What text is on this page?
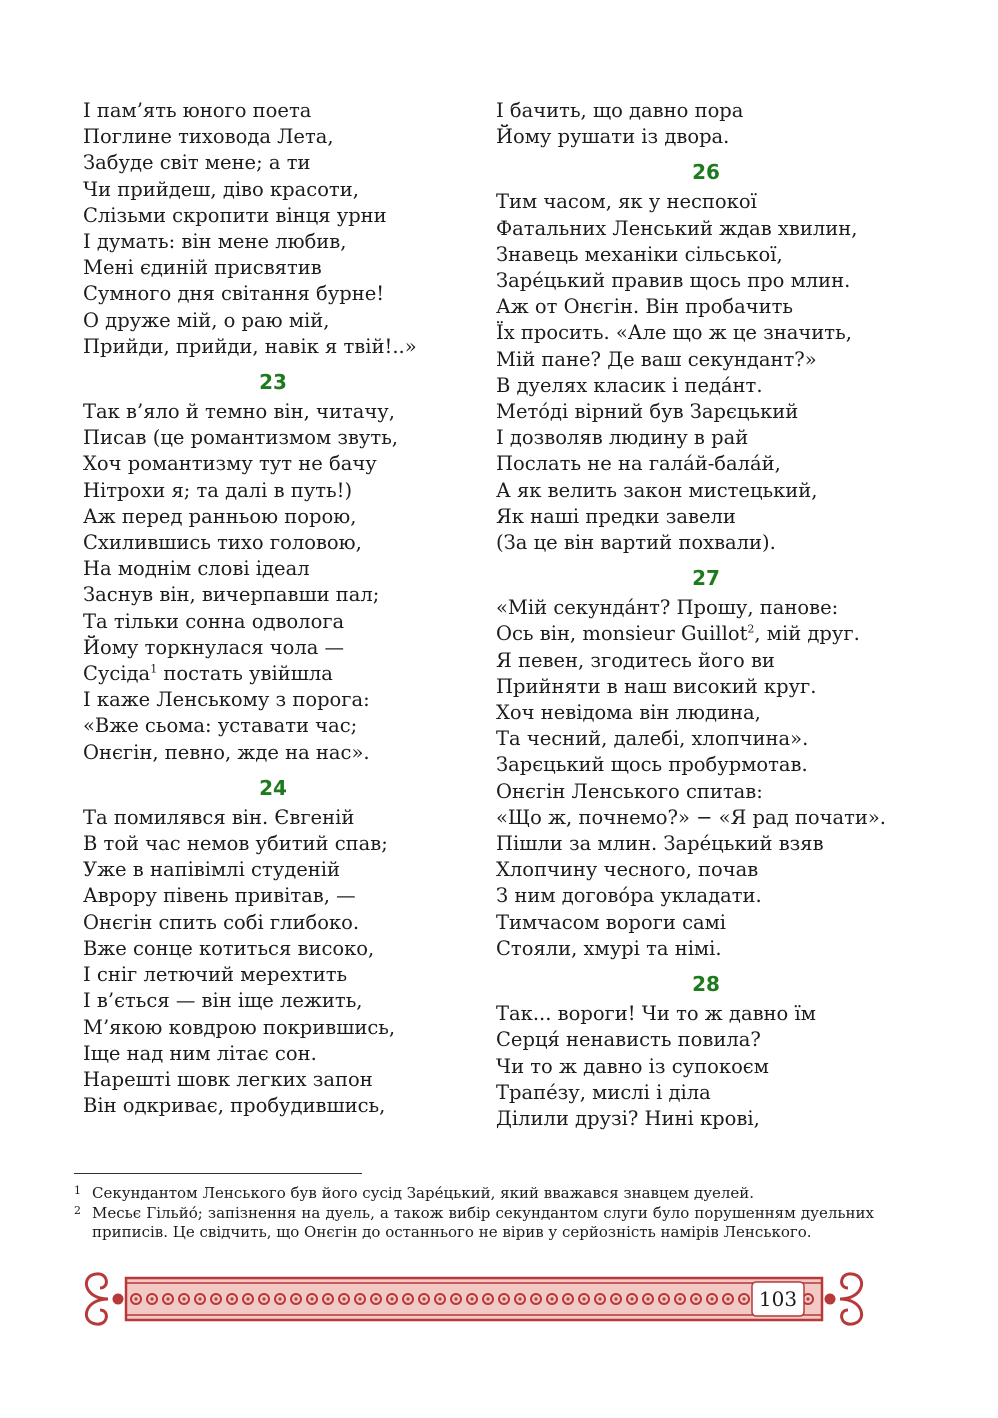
І пам’ять юного поета
Поглине тиховода Лета,
Забуде світ мене; а ти
Чи прийдеш, діво красоти,
Слізьми скропити вінця урни
І думать: він мене любив,
Мені єдиній присвятив
Сумного дня світання бурне!
О друже мій, о раю мій,
Прийди, прийди, навік я твій!..»
23
Так в’яло й темно він, читачу,
Писав (це романтизмом звуть,
Хоч романтизму тут не бачу
Нітрохи я; та далі в путь!)
Аж перед ранньою порою,
Схилившись тихо головою,
На моднім слові ідеал
Заснув він, вичерпавши пал;
Та тільки сонна одволога
Йому торкнулася чола —
Сусіда$^1$ постать увійшла
І каже Ленському з порога:
«Вже сьома: уставати час;
Онєгін, певно, жде на нас».
24
Та помилявся він. Євгеній
В той час немов убитий спав;
Уже в напівімлі студеній
Аврору півень привітав, —
Онєгін спить собі глибоко.
Вже сонце котиться високо,
І сніг летючий мерехтить
І в’ється — він іще лежить,
М’якою ковдрою покрившись,
Іще над ним літає сон.
Нарешті шовк легких запон
Він одкриває, пробудившись,
І бачить, що давно пора
Йому рушати із двора.
26
Тим часом, як у неспокої
Фатальних Ленський ждав хвилин,
Знавець механіки сільської,
Заре́цький правив щось про млин.
Аж от Онєгін. Він пробачить
Їх просить. «Але що ж це значить,
Мій пане? Де ваш секундант?»
В дуелях класик і педа́нт.
Мето́ді вірний був Зарєцький
І дозволяв людину в рай
Послать не на гала́й-бала́й,
А як велить закон мистецький,
Як наші предки завели
(За це він вартий похвали).
27
«Мій секунда́нт? Прошу, панове:
Ось він, monsieur Guillot$^2$, мій друг.
Я певен, згодитесь його ви
Прийняти в наш високий круг.
Хоч невідома він людина,
Та чесний, далебі, хлопчина».
Зарєцький щось пробурмотав.
Онєгін Ленського спитав:
«Що ж, почнемо?» − «Я рад почати».
Пішли за млин. Заре́цький взяв
Хлопчину чесного, почав
З ним догово́ра укладати.
Тимчасом вороги самі
Стояли, хмурі та німі.
28
Так... вороги! Чи то ж давно їм
Серця́ ненависть повила?
Чи то ж давно із супокоєм
Трапе́зу, мислі і діла
Ділили друзі? Нині крові,
1 Секундантом Ленського був його сусід Заре́цький, який вважався знавцем дуелей.
2 Месьє Гільйо́; запізнення на дуель, а також вибір секундантом слуги було порушенням дуельних приписів. Це свідчить, що Онєгін до останнього не вірив у серйозність намірів Ленського.
103
